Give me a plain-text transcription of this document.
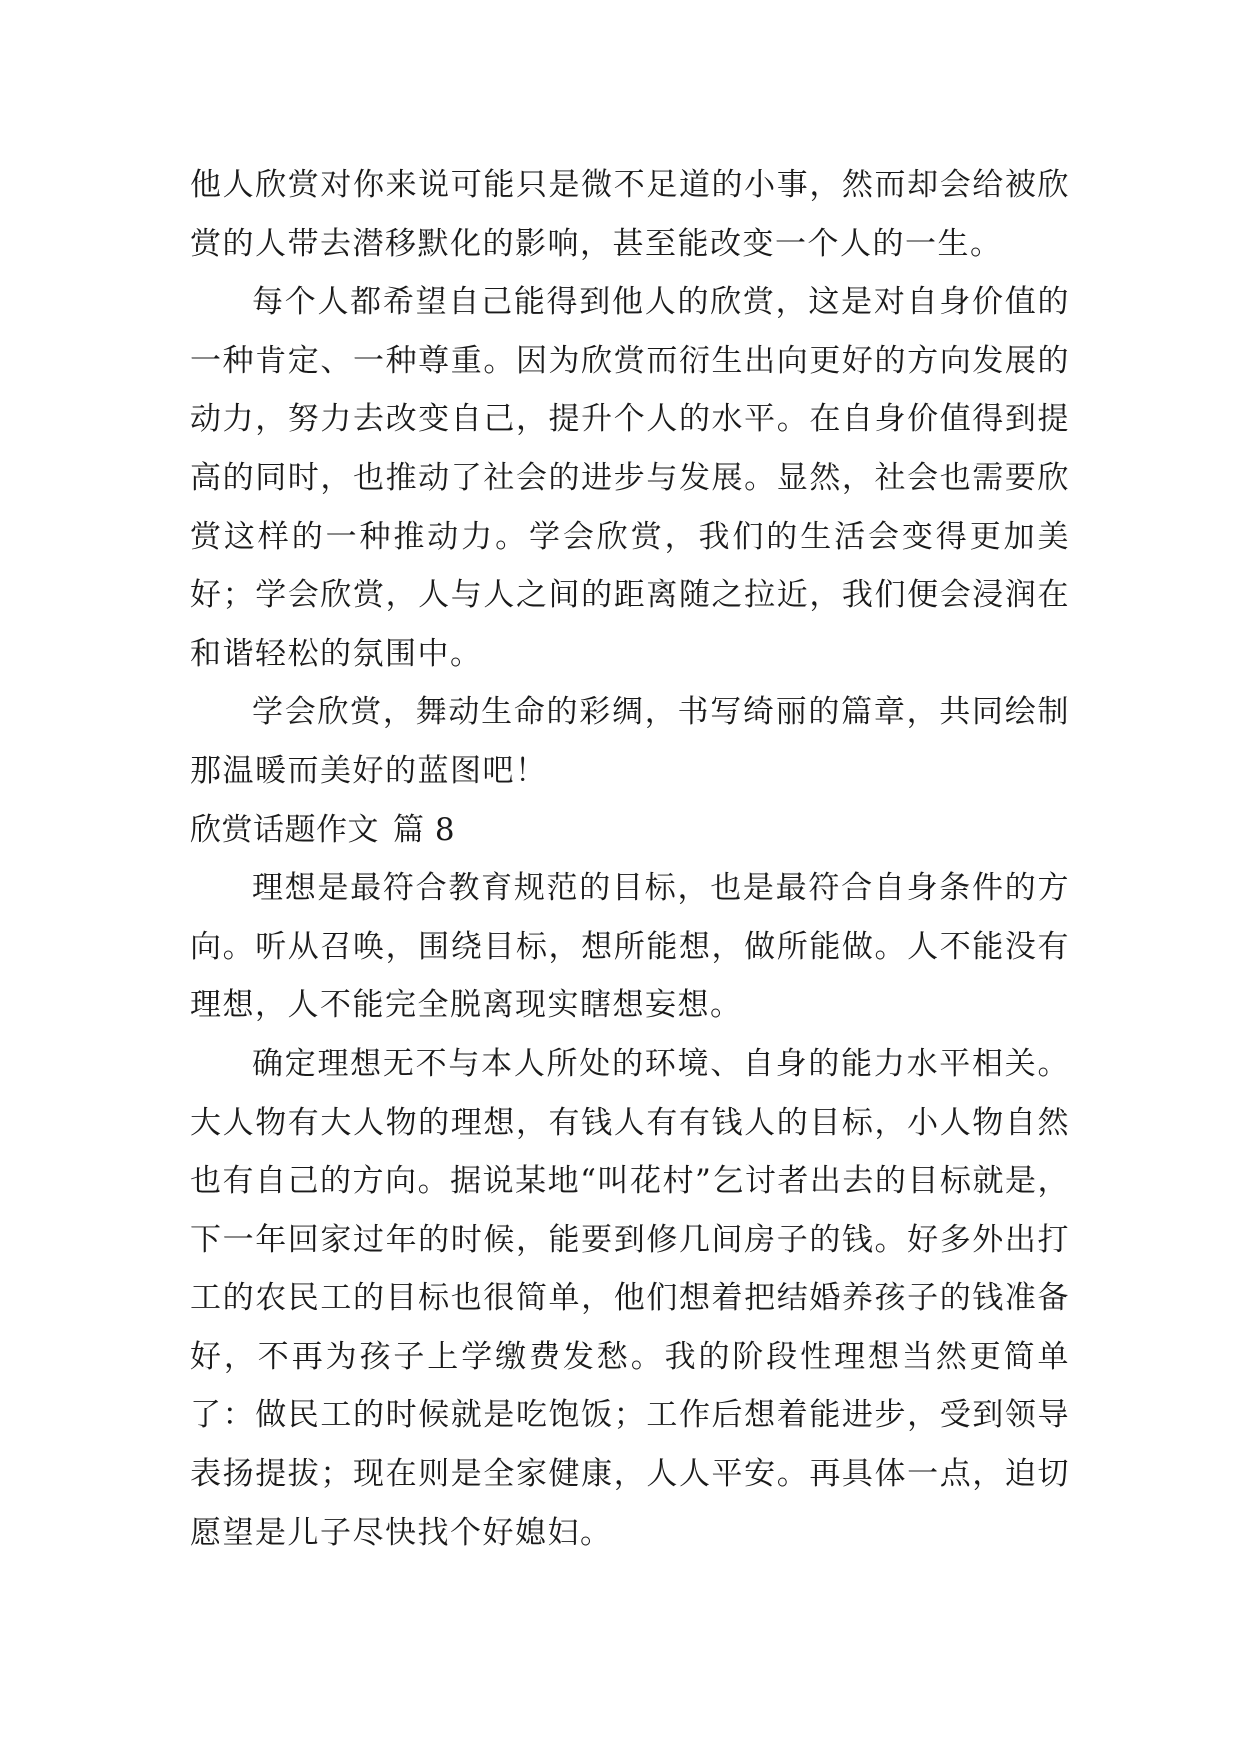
他人欣赏对你来说可能只是微不足道的小事，然而却会给被欣赏的人带去潜移默化的影响，甚至能改变一个人的一生。

每个人都希望自己能得到他人的欣赏，这是对自身价值的一种肯定、一种尊重。因为欣赏而衍生出向更好的方向发展的动力，努力去改变自己，提升个人的水平。在自身价值得到提高的同时，也推动了社会的进步与发展。显然，社会也需要欣赏这样的一种推动力。学会欣赏，我们的生活会变得更加美好；学会欣赏，人与人之间的距离随之拉近，我们便会浸润在和谐轻松的氛围中。

学会欣赏，舞动生命的彩绸，书写绮丽的篇章，共同绘制那温暖而美好的蓝图吧！

欣赏话题作文 篇 8

理想是最符合教育规范的目标，也是最符合自身条件的方向。听从召唤，围绕目标，想所能想，做所能做。人不能没有理想，人不能完全脱离现实瞎想妄想。

确定理想无不与本人所处的环境、自身的能力水平相关。大人物有大人物的理想，有钱人有有钱人的目标，小人物自然也有自己的方向。据说某地“叫花村”乞讨者出去的目标就是，下一年回家过年的时候，能要到修几间房子的钱。好多外出打工的农民工的目标也很简单，他们想着把结婚养孩子的钱准备好，不再为孩子上学缴费发愁。我的阶段性理想当然更简单了：做民工的时候就是吃饱饭；工作后想着能进步，受到领导表扬提拔；现在则是全家健康，人人平安。再具体一点，迫切愿望是儿子尽快找个好媳妇。
